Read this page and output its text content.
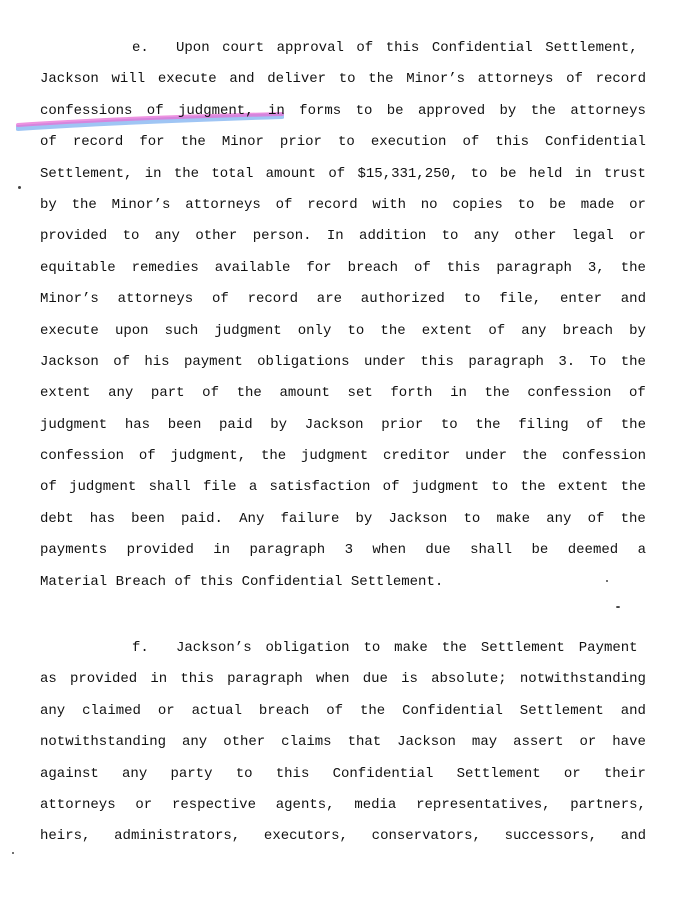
e.	Upon court approval of this Confidential Settlement,
Jackson will execute and deliver to the Minor’s attorneys of record
confessions of judgment, in forms to be approved by the attorneys
of record for the Minor prior to execution of this Confidential
Settlement, in the total amount of $15,331,250, to be held in trust
by the Minor’s attorneys of record with no copies to be made or
provided to any other person. In addition to any other legal or
equitable remedies available for breach of this paragraph 3, the
Minor’s attorneys of record are authorized to file, enter and
execute upon such judgment only to the extent of any breach by
Jackson of his payment obligations under this paragraph 3. To the
extent any part of the amount set forth in the confession of
judgment has been paid by Jackson prior to the filing of the
confession of judgment, the judgment creditor under the confession
of judgment shall file a satisfaction of judgment to the extent the
debt has been paid. Any failure by Jackson to make any of the
payments provided in paragraph 3 when due shall be deemed a
Material Breach of this Confidential Settlement.
f.	Jackson’s obligation to make the Settlement Payment
as provided in this paragraph when due is absolute; notwithstanding
any claimed or actual breach of the Confidential Settlement and
notwithstanding any other claims that Jackson may assert or have
against any party to this Confidential Settlement or their
attorneys or respective agents, media representatives, partners,
heirs, administrators, executors, conservators, successors, and
